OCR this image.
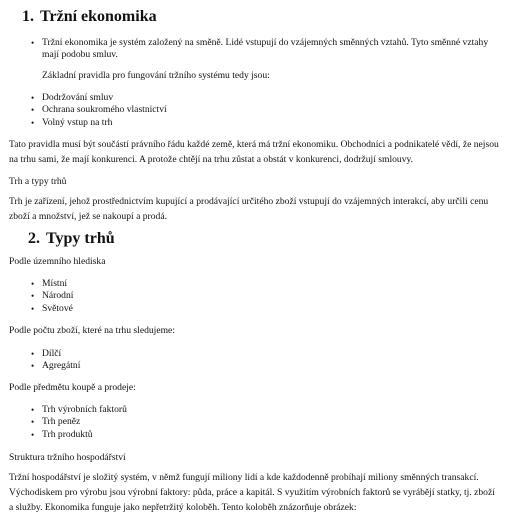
1. Tržní ekonomika
• Tržní ekonomika je systém založený na směně. Lidé vstupují do vzájemných směnných vztahů. Tyto směnné vztahy mají podobu smluv.

Základní pravidla pro fungování tržního systému tedy jsou:

• Dodržování smluv
• Ochrana soukromého vlastnictví
• Volný vstup na trh

Tato pravidla musí být součástí právního řádu každé země, která má tržní ekonomiku. Obchodníci a podnikatelé vědí, že nejsou na trhu sami, že mají konkurenci. A protože chtějí na trhu zůstat a obstát v konkurenci, dodržují smlouvy.

Trh a typy trhů

Trh je zařízení, jehož prostřednictvím kupující a prodávající určitého zboží vstupují do vzájemných interakcí, aby určili cenu zboží a množství, jež se nakoupí a prodá.

2. Typy trhů

Podle územního hlediska

• Místní
• Národní
• Světové

Podle počtu zboží, které na trhu sledujeme:

• Dílčí
• Agregátní

Podle předmětu koupě a prodeje:

• Trh výrobních faktorů
• Trh peněz
• Trh produktů

Struktura tržního hospodářství

Tržní hospodářství je složitý systém, v němž fungují miliony lidí a kde každodenně probíhají miliony směnných transakcí. Východiskem pro výrobu jsou výrobní faktory: půda, práce a kapitál. S využitím výrobních faktorů se vyrábějí statky, tj. zboží a služby. Ekonomika funguje jako nepřetržitý koloběh. Tento koloběh znázorňuje obrázek:
